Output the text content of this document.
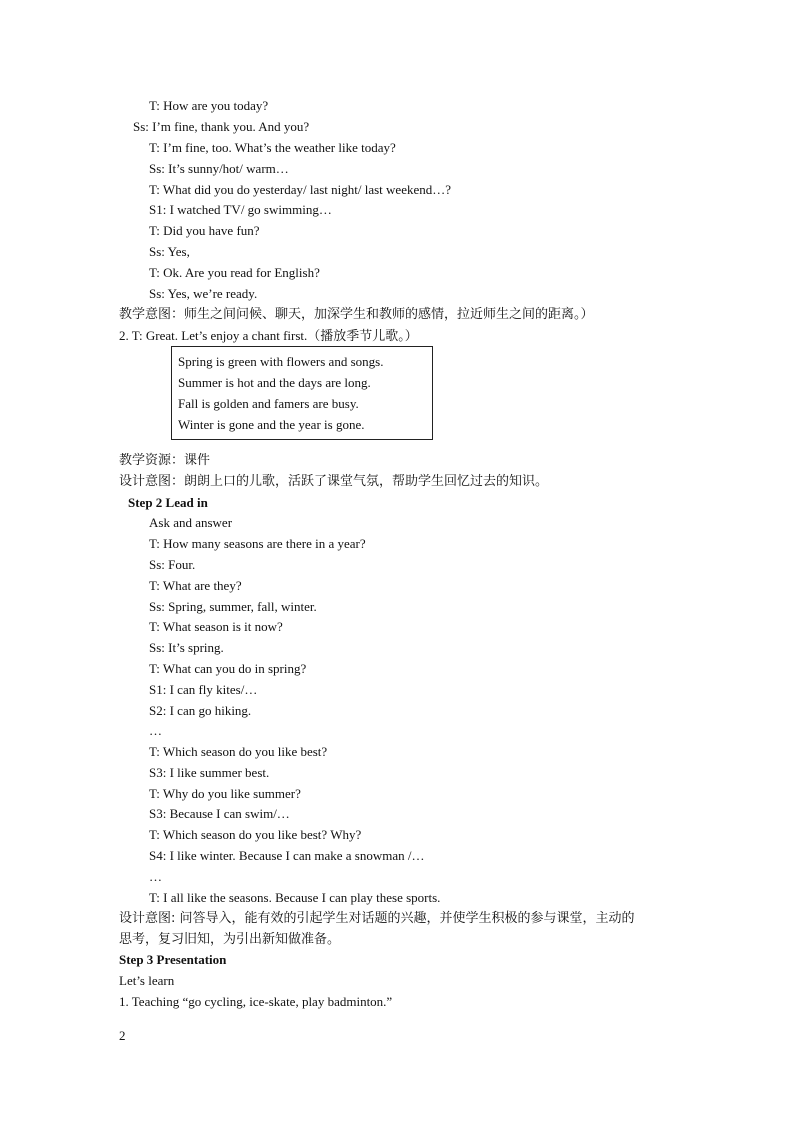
T: How are you today?
Ss: I’m fine, thank you. And you?
T: I’m fine, too. What’s the weather like today?
Ss: It’s sunny/hot/ warm…
T: What did you do yesterday/ last night/ last weekend…?
S1: I watched TV/ go swimming…
T: Did you have fun?
Ss: Yes,
T: Ok. Are you read for English?
Ss: Yes, we’re ready.
教学意图：师生之间问候、聊天，加深学生和教师的感情，拉近师生之间的距离。）
2. T: Great. Let’s enjoy a chant first.（播放季节儿歌。）
Spring is green with flowers and songs.
Summer is hot and the days are long.
Fall is golden and famers are busy.
Winter is gone and the year is gone.
教学资源：课件
设计意图：朗朗上口的儿歌，活跃了课堂气氛，帮助学生回忆过去的知识。
Step 2 Lead in
Ask and answer
T: How many seasons are there in a year?
Ss: Four.
T: What are they?
Ss: Spring, summer, fall, winter.
T: What season is it now?
Ss: It’s spring.
T: What can you do in spring?
S1: I can fly kites/…
S2: I can go hiking.
…
T: Which season do you like best?
S3: I like summer best.
T: Why do you like summer?
S3: Because I can swim/…
T: Which season do you like best? Why?
S4: I like winter. Because I can make a snowman /…
…
T: I all like the seasons. Because I can play these sports.
设计意图: 问答导入，能有效的引起学生对话题的兴趣，并使学生积极的参与课堂，主动的
思考，复习旧知，为引出新知做准备。
Step 3 Presentation
Let’s learn
1. Teaching “go cycling, ice-skate, play badminton.”
2
